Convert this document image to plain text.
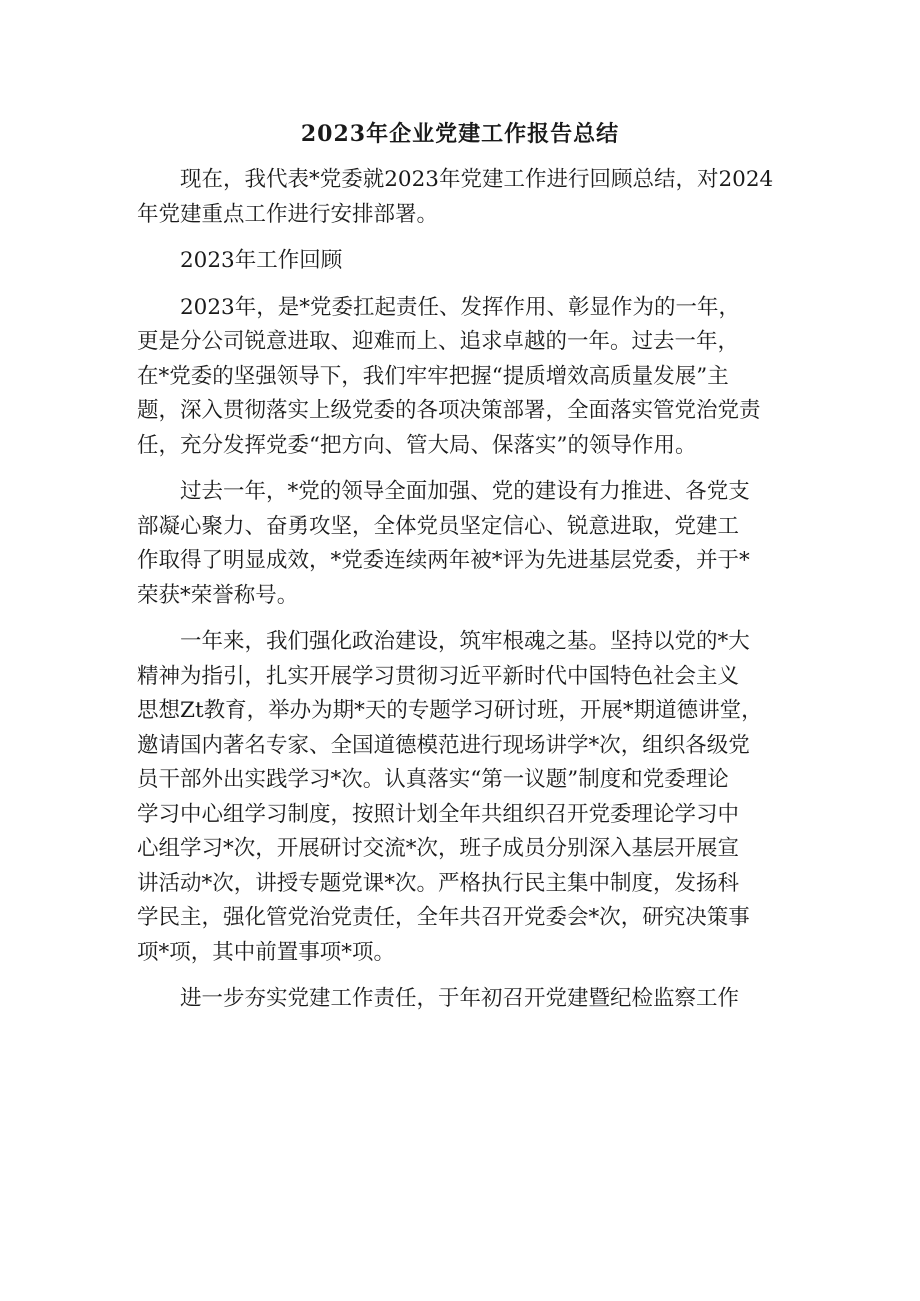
2023年企业党建工作报告总结

现在，我代表*党委就2023年党建工作进行回顾总结，对2024
年党建重点工作进行安排部署。

2023年工作回顾

2023年，是*党委扛起责任、发挥作用、彰显作为的一年，
更是分公司锐意进取、迎难而上、追求卓越的一年。过去一年，
在*党委的坚强领导下，我们牢牢把握“提质增效高质量发展”主
题，深入贯彻落实上级党委的各项决策部署，全面落实管党治党责
任，充分发挥党委“把方向、管大局、保落实”的领导作用。

过去一年，*党的领导全面加强、党的建设有力推进、各党支
部凝心聚力、奋勇攻坚，全体党员坚定信心、锐意进取，党建工
作取得了明显成效，*党委连续两年被*评为先进基层党委，并于*
荣获*荣誉称号。

一年来，我们强化政治建设，筑牢根魂之基。坚持以党的*大
精神为指引，扎实开展学习贯彻习近平新时代中国特色社会主义
思想Zt教育，举办为期*天的专题学习研讨班，开展*期道德讲堂，
邀请国内著名专家、全国道德模范进行现场讲学*次，组织各级党
员干部外出实践学习*次。认真落实“第一议题”制度和党委理论
学习中心组学习制度，按照计划全年共组织召开党委理论学习中
心组学习*次，开展研讨交流*次，班子成员分别深入基层开展宣
讲活动*次，讲授专题党课*次。严格执行民主集中制度，发扬科
学民主，强化管党治党责任，全年共召开党委会*次，研究决策事
项*项，其中前置事项*项。

进一步夯实党建工作责任，于年初召开党建暨纪检监察工作
